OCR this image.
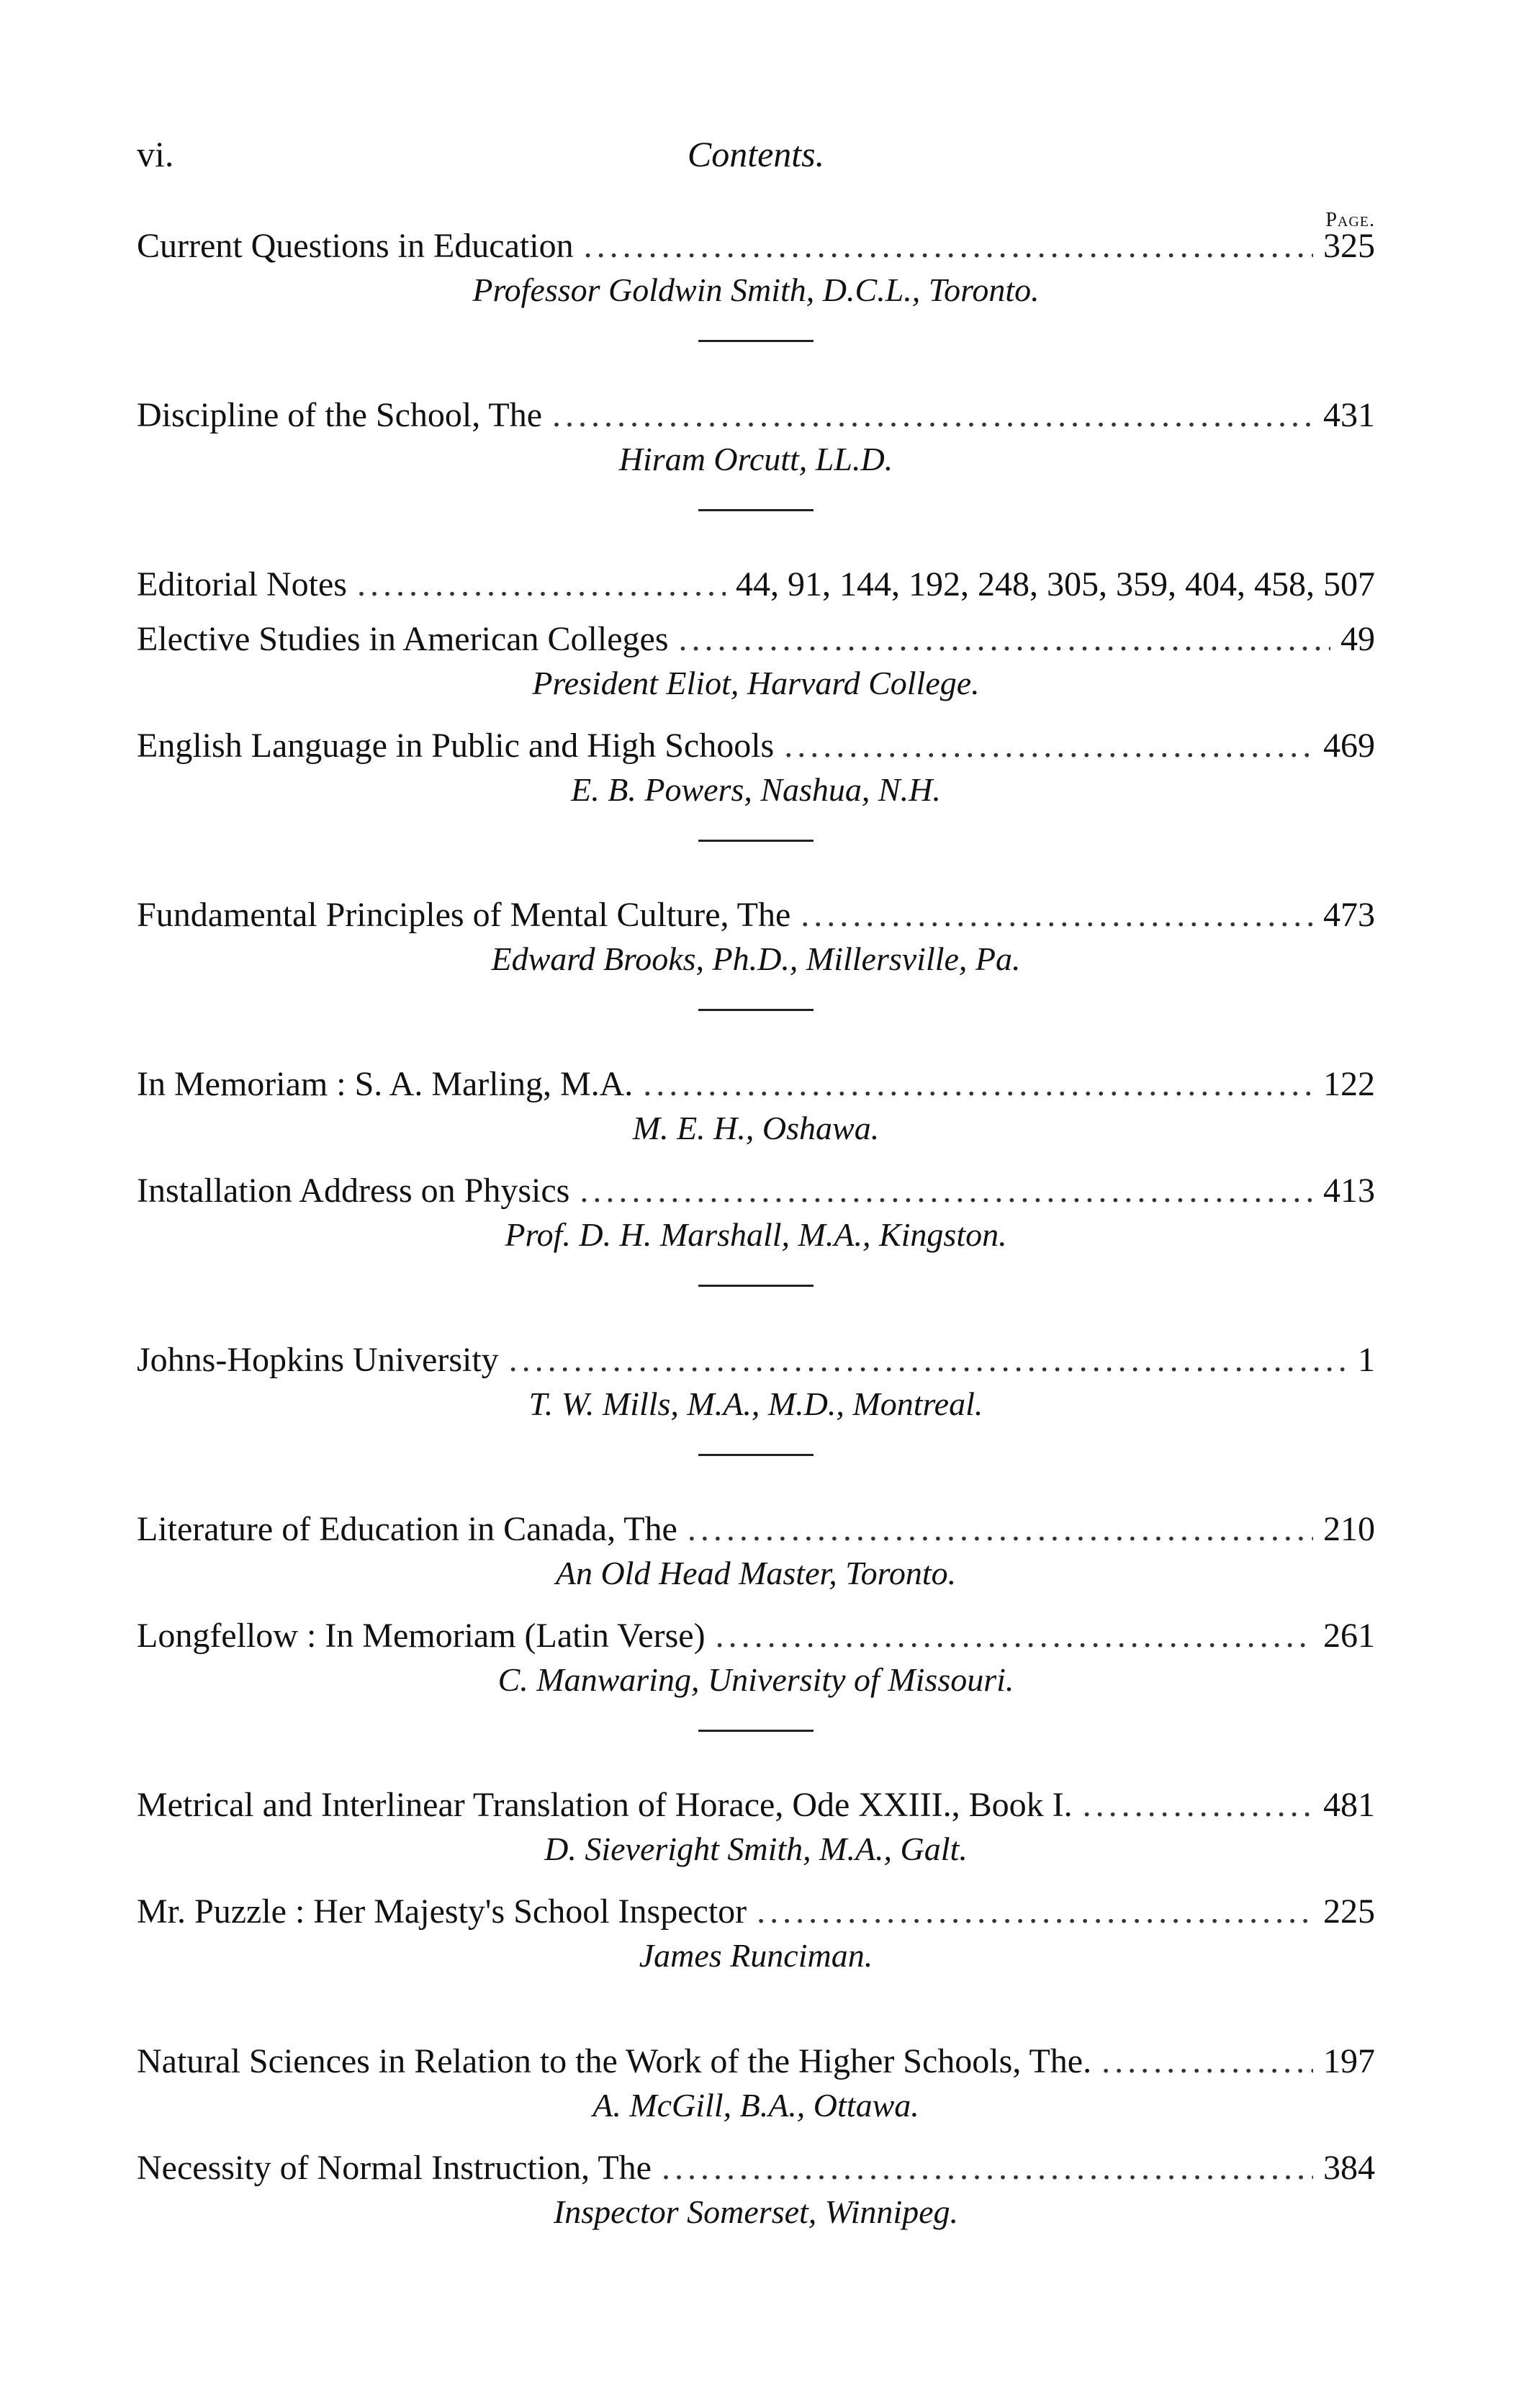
vi.	Contents.
Page.
Current Questions in Education .....	325
Professor Goldwin Smith, D.C.L., Toronto.
Discipline of the School, The .....	431
Hiram Orcutt, LL.D.
Editorial Notes .....	44, 91, 144, 192, 248, 305, 359, 404, 458, 507
Elective Studies in American Colleges .....	49
President Eliot, Harvard College.
English Language in Public and High Schools .....	469
E. B. Powers, Nashua, N.H.
Fundamental Principles of Mental Culture, The .....	473
Edward Brooks, Ph.D., Millersville, Pa.
In Memoriam : S. A. Marling, M.A. .....	122
M. E. H., Oshawa.
Installation Address on Physics .....	413
Prof. D. H. Marshall, M.A., Kingston.
Johns-Hopkins University .....	1
T. W. Mills, M.A., M.D., Montreal.
Literature of Education in Canada, The .....	210
An Old Head Master, Toronto.
Longfellow : In Memoriam (Latin Verse) .....	261
C. Manwaring, University of Missouri.
Metrical and Interlinear Translation of Horace, Ode XXIII., Book I. .....	481
D. Sieveright Smith, M.A., Galt.
Mr. Puzzle : Her Majesty's School Inspector .....	225
James Runciman.
Natural Sciences in Relation to the Work of the Higher Schools, The. .....	197
A. McGill, B.A., Ottawa.
Necessity of Normal Instruction, The .....	384
Inspector Somerset, Winnipeg.
